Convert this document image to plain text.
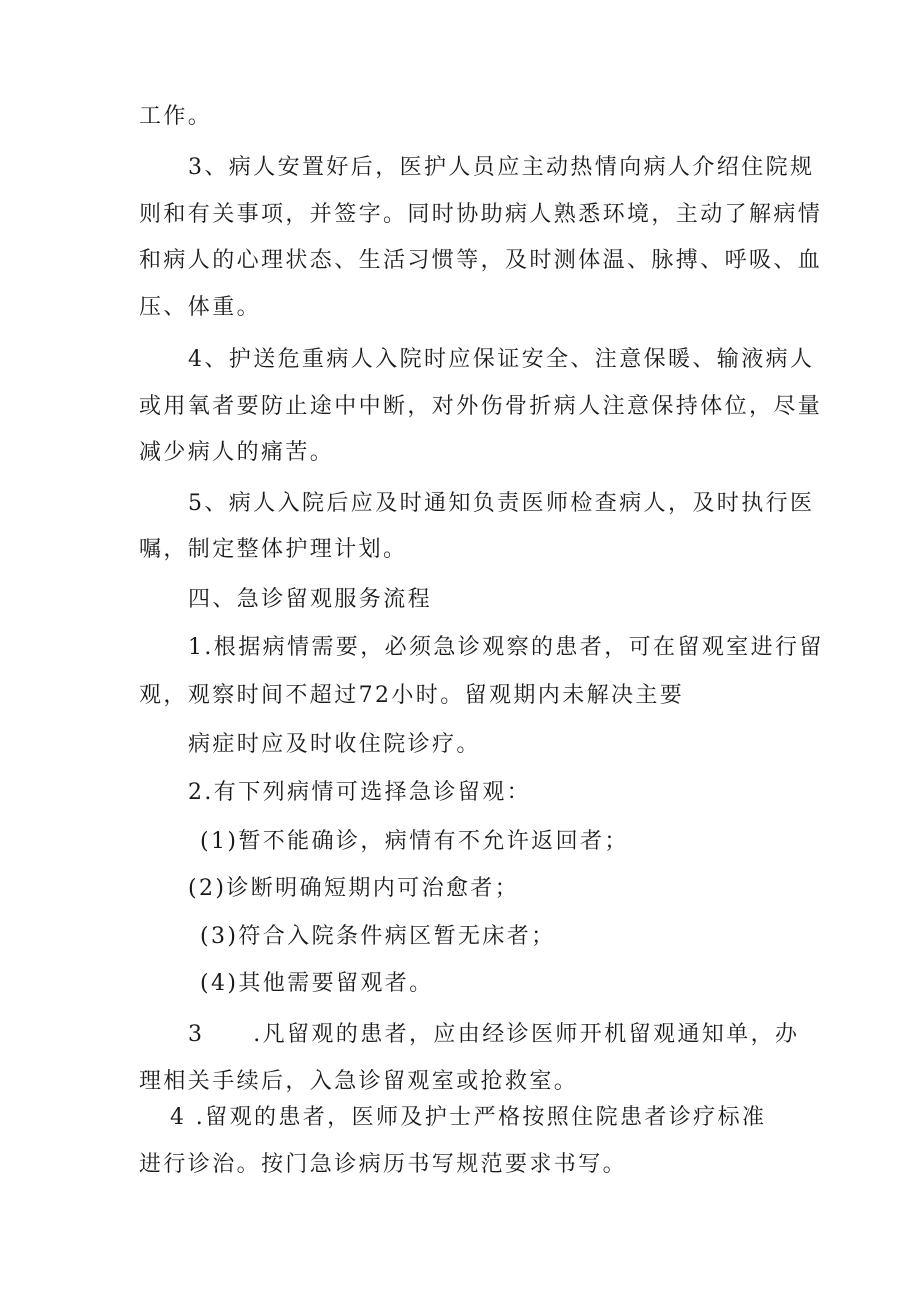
工作。
3、病人安置好后，医护人员应主动热情向病人介绍住院规
则和有关事项，并签字。同时协助病人熟悉环境，主动了解病情
和病人的心理状态、生活习惯等，及时测体温、脉搏、呼吸、血
压、体重。
4、护送危重病人入院时应保证安全、注意保暖、输液病人
或用氧者要防止途中中断，对外伤骨折病人注意保持体位，尽量
减少病人的痛苦。
5、病人入院后应及时通知负责医师检查病人，及时执行医
嘱，制定整体护理计划。
四、急诊留观服务流程
1.根据病情需要，必须急诊观察的患者，可在留观室进行留
观，观察时间不超过72小时。留观期内未解决主要
病症时应及时收住院诊疗。
2.有下列病情可选择急诊留观：
(1)暂不能确诊，病情有不允许返回者；
(2)诊断明确短期内可治愈者；
(3)符合入院条件病区暂无床者；
(4)其他需要留观者。
3　　.凡留观的患者，应由经诊医师开机留观通知单，办
理相关手续后，入急诊留观室或抢救室。
4 .留观的患者，医师及护士严格按照住院患者诊疗标准
进行诊治。按门急诊病历书写规范要求书写。
